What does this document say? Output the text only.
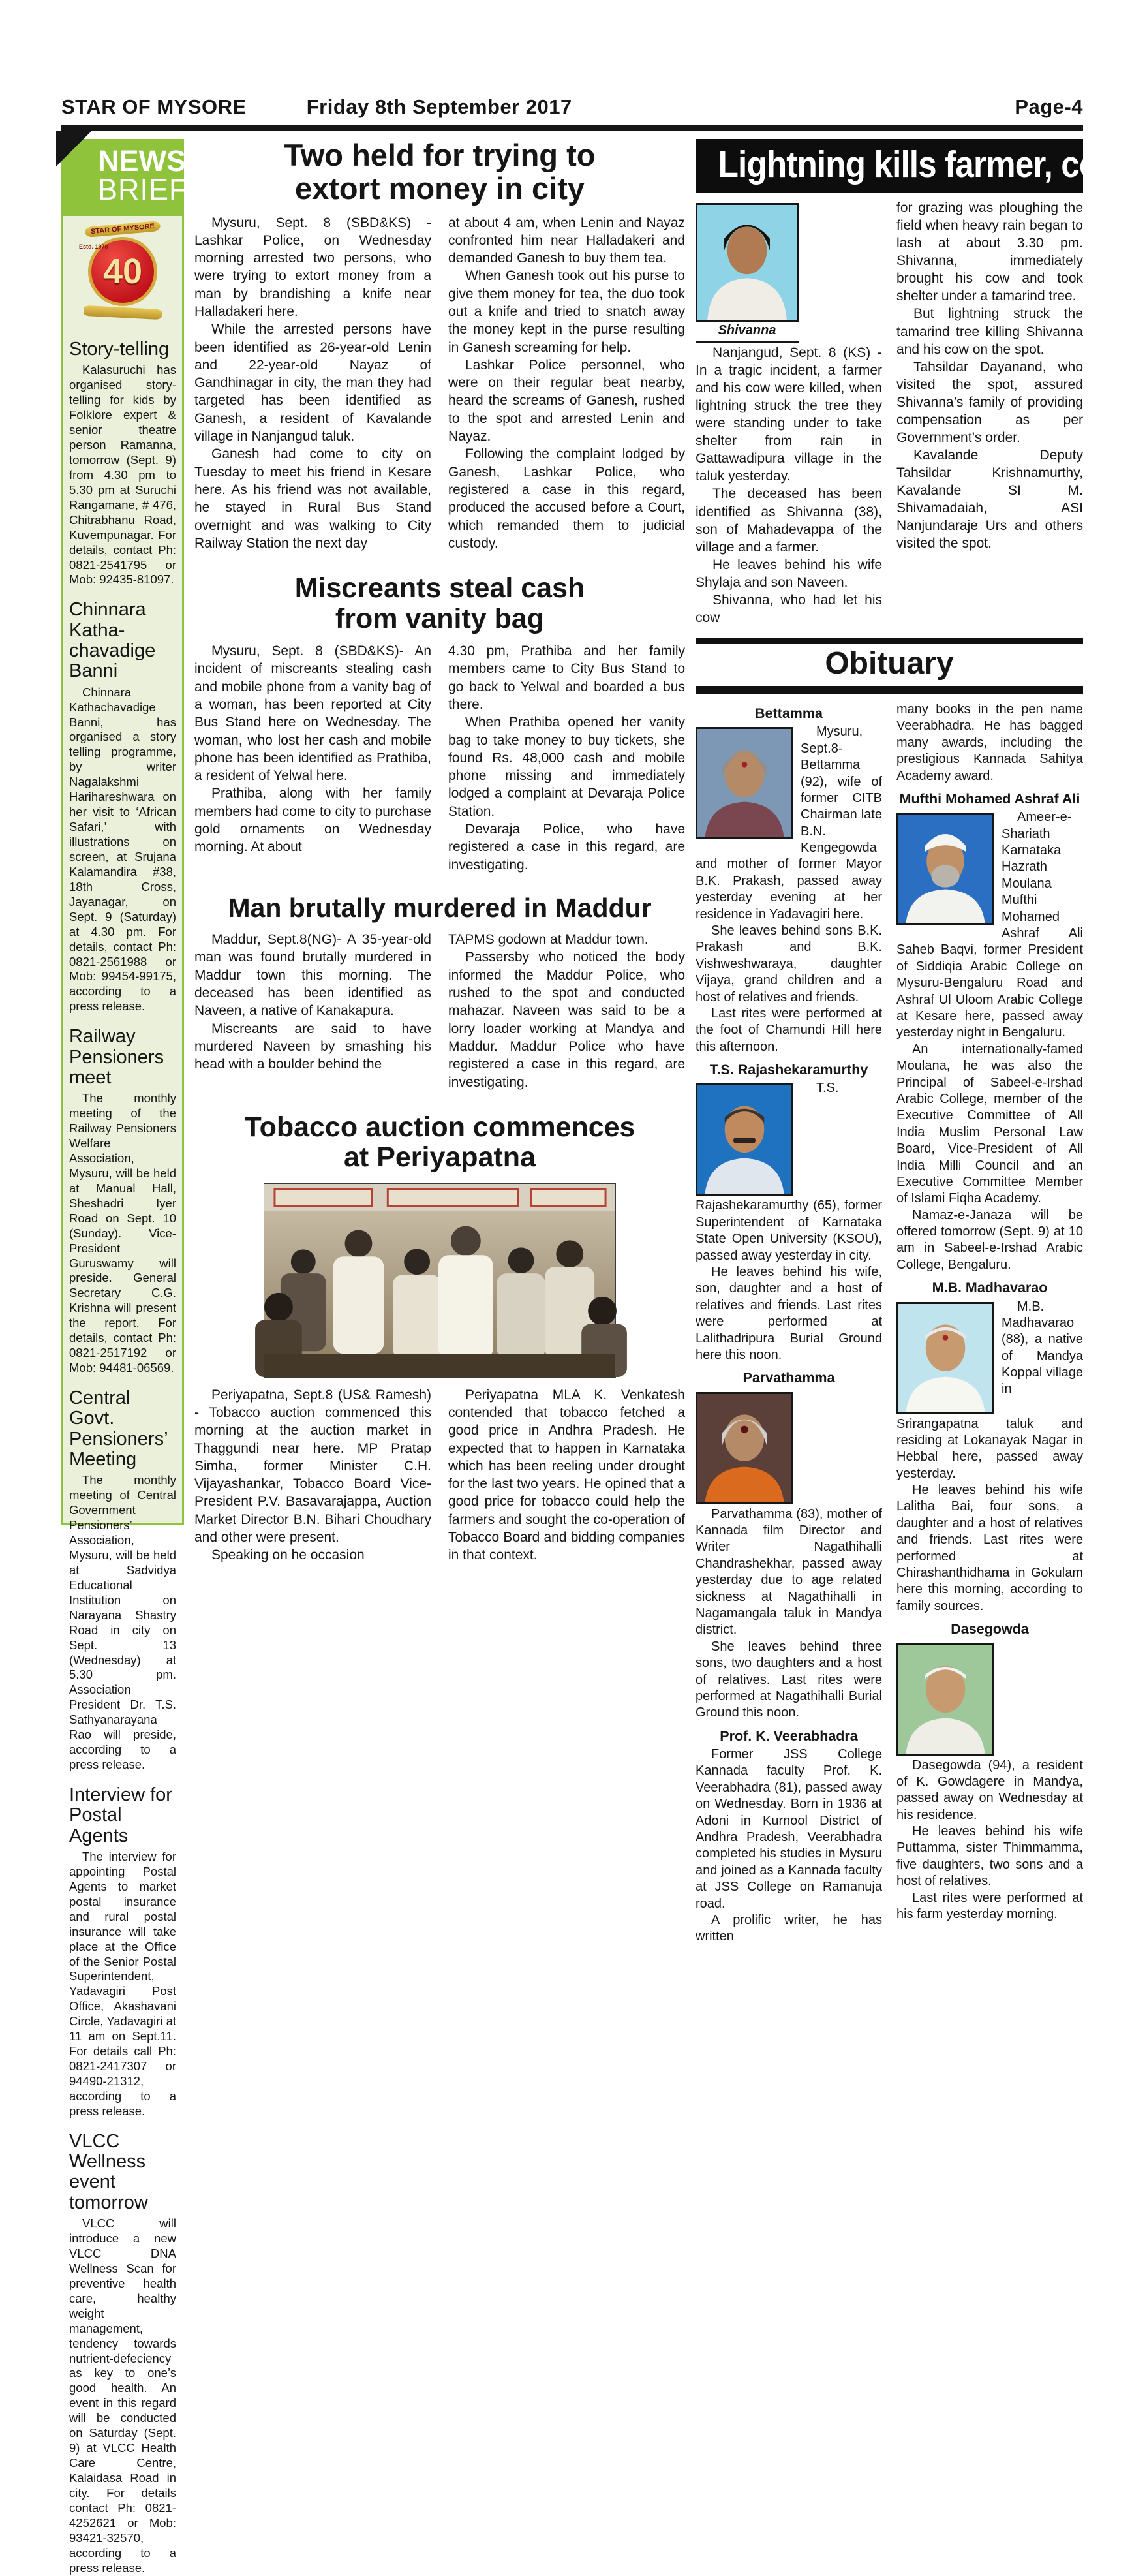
STAR OF MYSORE	Friday 8th September 2017	Page-4
NEWS
BRIEFS
STAR OF MYSORE
Estd. 1978
40

Story-telling

Kalasuruchi has organised story-telling for kids by Folklore expert & senior theatre person Ramanna, tomorrow (Sept. 9) from 4.30 pm to 5.30 pm at Suruchi Rangamane, # 476, Chitrabhanu Road, Kuvempunagar. For details, contact Ph: 0821-2541795 or Mob: 92435-81097.

Chinnara Katha-

chavadige Banni

Chinnara Kathachavadige Banni, has organised a story telling programme, by writer Nagalakshmi Harihareshwara on her visit to ‘African Safari,’ with illustrations on screen, at Srujana Kalamandira #38, 18th Cross, Jayanagar, on Sept. 9 (Saturday) at 4.30 pm. For details, contact Ph: 0821-2561988 or Mob: 99454-99175, according to a press release.

Railway

Pensioners meet

The monthly meeting of the Railway Pensioners Welfare Association, Mysuru, will be held at Manual Hall, Sheshadri Iyer Road on Sept. 10 (Sunday). Vice-President Guruswamy will preside. General Secretary C.G. Krishna will present the report. For details, contact Ph: 0821-2517192 or Mob: 94481-06569.

Central Govt.

Pensioners’ Meeting

The monthly meeting of Central Government Pensioners’ Association, Mysuru, will be held at Sadvidya Educational Institution on Narayana Shastry Road in city on Sept. 13 (Wednesday) at 5.30 pm. Association President Dr. T.S. Sathyanarayana Rao will preside, according to a press release.

Interview for

Postal Agents

The interview for appointing Postal Agents to market postal insurance and rural postal insurance will take place at the Office of the Senior Postal Superintendent, Yadavagiri Post Office, Akashavani Circle, Yadavagiri at 11 am on Sept.11. For details call Ph: 0821-2417307 or 94490-21312, according to a press release.

VLCC Wellness

event tomorrow

VLCC will introduce a new VLCC DNA Wellness Scan for preventive health care, healthy weight management, tendency towards nutrient-defeciency as key to one’s good health. An event in this regard will be conducted on Saturday (Sept. 9) at VLCC Health Care Centre, Kalaidasa Road in city. For details contact Ph: 0821-4252621 or Mob: 93421-32570, according to a press release.

Two held for trying to

extort money in city

Mysuru, Sept. 8 (SBD&KS) - Lashkar Police, on Wednesday morning arrested two persons, who were trying to extort money from a man by brandishing a knife near Halladakeri here.

While the arrested persons have been identified as 26-year-old Lenin and 22-year-old Nayaz of Gandhinagar in city, the man they had targeted has been identified as Ganesh, a resident of Kavalande village in Nanjangud taluk.

Ganesh had come to city on Tuesday to meet his friend in Kesare here. As his friend was not available, he stayed in Rural Bus Stand overnight and was walking to City Railway Station the next day

at about 4 am, when Lenin and Nayaz confronted him near Halladakeri and demanded Ganesh to buy them tea.

When Ganesh took out his purse to give them money for tea, the duo took out a knife and tried to snatch away the money kept in the purse resulting in Ganesh screaming for help.

Lashkar Police personnel, who were on their regular beat nearby, heard the screams of Ganesh, rushed to the spot and arrested Lenin and Nayaz.

Following the complaint lodged by Ganesh, Lashkar Police, who registered a case in this regard, produced the accused before a Court, which remanded them to judicial custody.

Miscreants steal cash

from vanity bag

Mysuru, Sept. 8 (SBD&KS)- An incident of miscreants stealing cash and mobile phone from a vanity bag of a woman, has been reported at City Bus Stand here on Wednesday. The woman, who lost her cash and mobile phone has been identified as Prathiba, a resident of Yelwal here.

Prathiba, along with her family members had come to city to purchase gold ornaments on Wednesday morning. At about

4.30 pm, Prathiba and her family members came to City Bus Stand to go back to Yelwal and boarded a bus there.

When Prathiba opened her vanity bag to take money to buy tickets, she found Rs. 48,000 cash and mobile phone missing and immediately lodged a complaint at Devaraja Police Station.

Devaraja Police, who have registered a case in this regard, are investigating.

Man brutally murdered in Maddur

Maddur, Sept.8(NG)- A 35-year-old man was found brutally murdered in Maddur town this morning. The deceased has been identified as Naveen, a native of Kanakapura.

Miscreants are said to have murdered Naveen by smashing his head with a boulder behind the

TAPMS godown at Maddur town.

Passersby who noticed the body informed the Maddur Police, who rushed to the spot and conducted mahazar. Naveen was said to be a lorry loader working at Mandya and Maddur. Maddur Police who have registered a case in this regard, are investigating.

Tobacco auction commences

at Periyapatna

Periyapatna, Sept.8 (US& Ramesh) - Tobacco auction commenced this morning at the auction market in Thaggundi near here. MP Pratap Simha, former Minister C.H. Vijayashankar, Tobacco Board Vice-President P.V. Basavarajappa, Auction Market Director B.N. Bihari Choudhary and other were present.

Speaking on he occasion

Periyapatna MLA K. Venkatesh contended that tobacco fetched a good price in Andhra Pradesh. He expected that to happen in Karnataka which has been reeling under drought for the last two years. He opined that a good price for tobacco could help the farmers and sought the co-operation of Tobacco Board and bidding companies in that context.

Lightning kills farmer, cow
Shivanna

Nanjangud, Sept. 8 (KS) - In a tragic incident, a farmer and his cow were killed, when lightning struck the tree they were standing under to take shelter from rain in Gattawadipura village in the taluk yesterday.

The deceased has been identified as Shivanna (38), son of Mahadevappa of the village and a farmer.

He leaves behind his wife Shylaja and son Naveen.

Shivanna, who had let his cow

for grazing was ploughing the field when heavy rain began to lash at about 3.30 pm. Shivanna, immediately brought his cow and took shelter under a tamarind tree.

But lightning struck the tamarind tree killing Shivanna and his cow on the spot.

Tahsildar Dayanand, who visited the spot, assured Shivanna’s family of providing compensation as per Government’s order.

Kavalande Deputy Tahsildar Krishnamurthy, Kavalande SI M. Shivamadaiah, ASI Nanjundaraje Urs and others visited the spot.

Obituary
Bettamma

Mysuru, Sept.8- Bettamma (92), wife of former CITB Chairman late B.N. Kengegowda and mother of former Mayor B.K. Prakash, passed away yesterday evening at her residence in Yadavagiri here.

She leaves behind sons B.K. Prakash and B.K. Vishweshwaraya, daughter Vijaya, grand children and a host of relatives and friends.

Last rites were performed at the foot of Chamundi Hill here this afternoon.

T.S. Rajashekaramurthy

T.S. Rajashekaramurthy (65), former Superintendent of Karnataka State Open University (KSOU), passed away yesterday in city.

He leaves behind his wife, son, daughter and a host of relatives and friends. Last rites were performed at Lalithadripura Burial Ground here this noon.

Parvathamma

Parvathamma (83), mother of Kannada film Director and Writer Nagathihalli Chandrashekhar, passed away yesterday due to age related sickness at Nagathihalli in Nagamangala taluk in Mandya district.

She leaves behind three sons, two daughters and a host of relatives. Last rites were performed at Nagathihalli Burial Ground this noon.

Prof. K. Veerabhadra

Former JSS College Kannada faculty Prof. K. Veerabhadra (81), passed away on Wednesday. Born in 1936 at Adoni in Kurnool District of Andhra Pradesh, Veerabhadra completed his studies in Mysuru and joined as a Kannada faculty at JSS College on Ramanuja road.

A prolific writer, he has written

many books in the pen name Veerabhadra. He has bagged many awards, including the prestigious Kannada Sahitya Academy award.

Mufthi Mohamed Ashraf Ali

Ameer-e-Shariath Karnataka Hazrath Moulana Mufthi Mohamed Ashraf Ali Saheb Baqvi, former President of Siddiqia Arabic College on Mysuru-Bengaluru Road and Ashraf Ul Uloom Arabic College at Kesare here, passed away yesterday night in Bengaluru.

An internationally-famed Moulana, he was also the Principal of Sabeel-e-Irshad Arabic College, member of the Executive Committee of All India Muslim Personal Law Board, Vice-President of All India Milli Council and an Executive Committee Member of Islami Fiqha Academy.

Namaz-e-Janaza will be offered tomorrow (Sept. 9) at 10 am in Sabeel-e-Irshad Arabic College, Bengaluru.

M.B. Madhavarao

M.B. Madhavarao (88), a native of Mandya Koppal village in Srirangapatna taluk and residing at Lokanayak Nagar in Hebbal here, passed away yesterday.

He leaves behind his wife Lalitha Bai, four sons, a daughter and a host of relatives and friends. Last rites were performed at Chirashanthidhama in Gokulam here this morning, according to family sources.

Dasegowda

Dasegowda (94), a resident of K. Gowdagere in Mandya, passed away on Wednesday at his residence.

He leaves behind his wife Puttamma, sister Thimmamma, five daughters, two sons and a host of relatives.

Last rites were performed at his farm yesterday morning.
